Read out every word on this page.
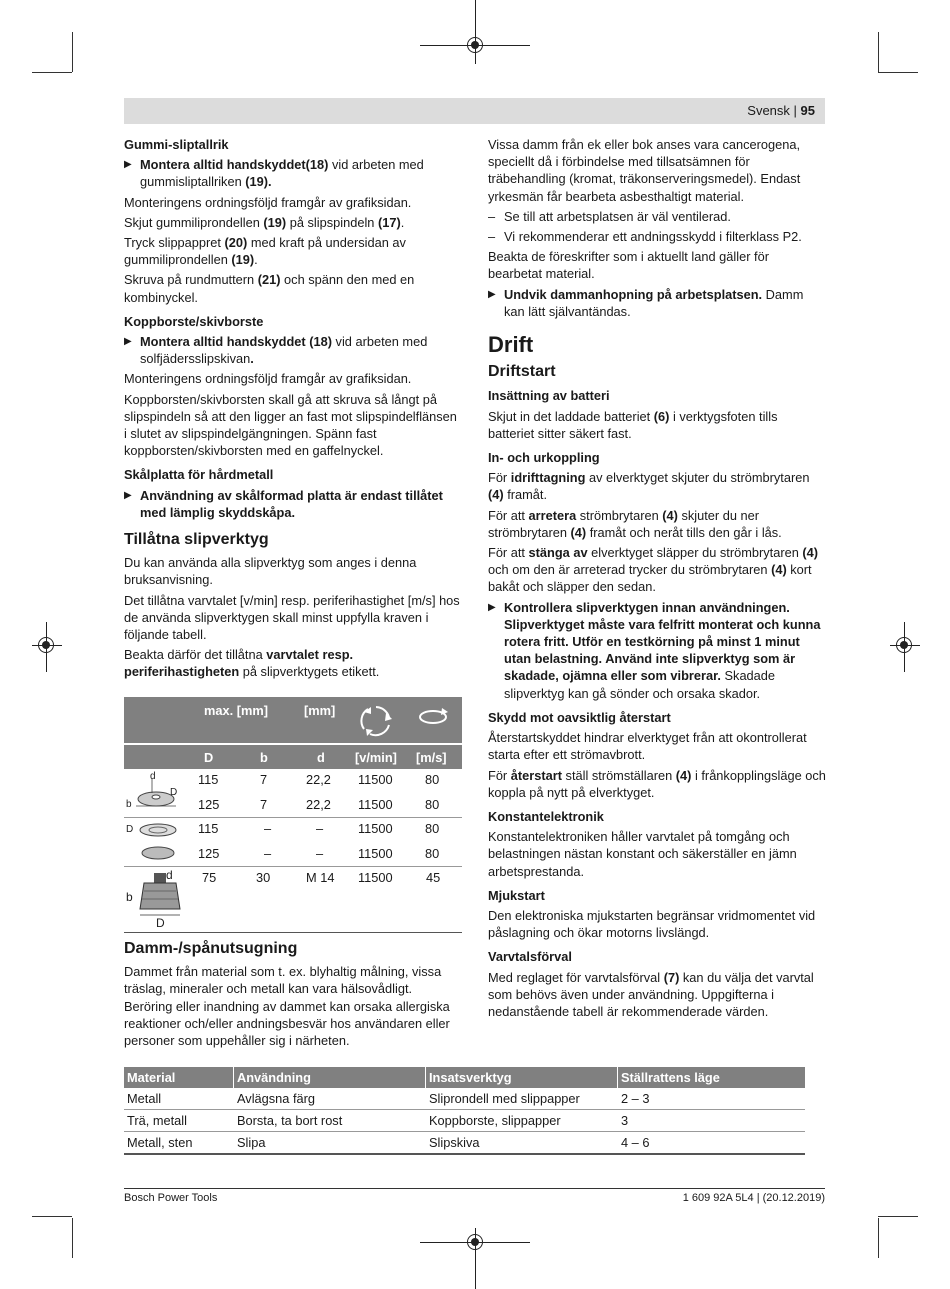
Svensk | 95
Gummi-sliptallrik
▶ Montera alltid handskyddet(18) vid arbeten med gummisliptallriken (19).

Monteringens ordningsföljd framgår av grafiksidan.

Skjut gummiliprondellen (19) på slipspindeln (17).

Tryck slippappret (20) med kraft på undersidan av gummiliprondellen (19).

Skruva på rundmuttern (21) och spänn den med en kombinyckel.

Koppborste/skivborste
▶ Montera alltid handskyddet (18) vid arbeten med solfjädersslipskivan.

Monteringens ordningsföljd framgår av grafiksidan.

Koppborsten/skivborsten skall gå att skruva så långt på slipspindeln så att den ligger an fast mot slipspindelflänsen i slutet av slipspindelgängningen. Spänn fast koppborsten/skivborsten med en gaffelnyckel.

Skålplatta för hårdmetall
▶ Användning av skålformad platta är endast tillåtet med lämplig skyddskåpa.
Tillåtna slipverktyg

Du kan använda alla slipverktyg som anges i denna bruksanvisning.

Det tillåtna varvtalet [v/min] resp. periferihastighet [m/s] hos de använda slipverktygen skall minst uppfylla kraven i följande tabell.

Beakta därför det tillåtna varvtalet resp. periferihastigheten på slipverktygets etikett.

max. [mm]	[mm]
D	b	d [v/min] [m/s]
d
D
b
115	7	22,2 11500	80
125	7	22,2 11500	80
D	115	–	–	11500	80
125	–	–	11500	80
d
b
D
75	30	M 14 11500	45
Damm-/spånutsugning

Dammet från material som t. ex. blyhaltig målning, vissa träslag, mineraler och metall kan vara hälsovådligt. Beröring eller inandning av dammet kan orsaka allergiska reaktioner och/eller andningsbesvär hos användaren eller personer som uppehåller sig i närheten.

Vissa damm från ek eller bok anses vara cancerogena, speciellt då i förbindelse med tillsatsämnen för träbehandling (kromat, träkonserveringsmedel). Endast yrkesmän får bearbeta asbesthaltigt material.

– Se till att arbetsplatsen är väl ventilerad.
– Vi rekommenderar ett andningsskydd i filterklass P2.

Beakta de föreskrifter som i aktuellt land gäller för bearbetat material.

▶ Undvik dammanhopning på arbetsplatsen. Damm kan lätt självantändas.
Drift
Driftstart
Insättning av batteri

Skjut in det laddade batteriet (6) i verktygsfoten tills batteriet sitter säkert fast.

In- och urkoppling

För idrifttagning av elverktyget skjuter du strömbrytaren (4) framåt.

För att arretera strömbrytaren (4) skjuter du ner strömbrytaren (4) framåt och neråt tills den går i lås.

För att stänga av elverktyget släpper du strömbrytaren (4) och om den är arreterad trycker du strömbrytaren (4) kort bakåt och släpper den sedan.

▶ Kontrollera slipverktygen innan användningen. Slipverktyget måste vara felfritt monterat och kunna rotera fritt. Utför en testkörning på minst 1 minut utan belastning. Använd inte slipverktyg som är skadade, ojämna eller som vibrerar. Skadade slipverktyg kan gå sönder och orsaka skador.
Skydd mot oavsiktlig återstart

Återstartskyddet hindrar elverktyget från att okontrollerat starta efter ett strömavbrott.

För återstart ställ strömställaren (4) i frånkopplingsläge och koppla på nytt på elverktyget.

Konstantelektronik

Konstantelektroniken håller varvtalet på tomgång och belastningen nästan konstant och säkerställer en jämn arbetsprestanda.

Mjukstart

Den elektroniska mjukstarten begränsar vridmomentet vid påslagning och ökar motorns livslängd.

Varvtalsförval

Med reglaget för varvtalsförval (7) kan du välja det varvtal som behövs även under användning. Uppgifterna i nedanstående tabell är rekommenderade värden.

Material	Användning	Insatsverktyg	Ställrattens läge
Metall	Avlägsna färg	Sliprondell med slippapper	2 – 3
Trä, metall	Borsta, ta bort rost	Koppborste, slippapper	3
Metall, sten	Slipa	Slipskiva	4 – 6
Bosch Power Tools	1 609 92A 5L4 | (20.12.2019)
